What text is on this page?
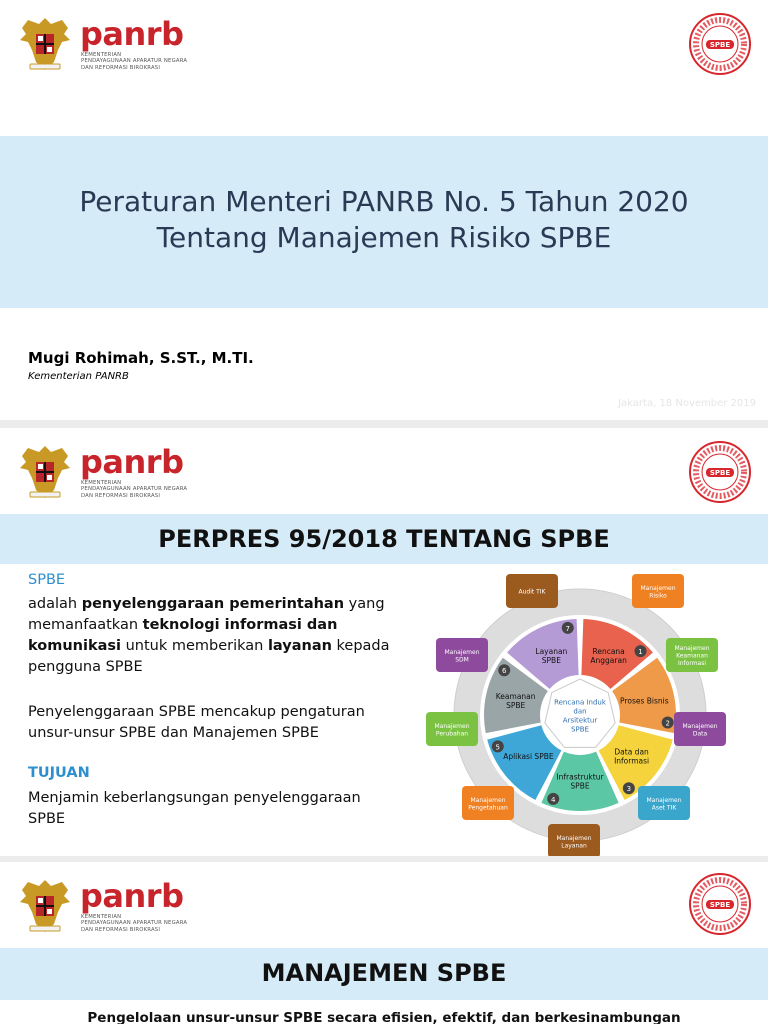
panrb
KEMENTERIAN
PENDAYAGUNAAN APARATUR NEGARA
DAN REFORMASI BIROKRASI
SPBE
Peraturan Menteri PANRB No. 5 Tahun 2020
Tentang Manajemen Risiko SPBE
Mugi Rohimah, S.ST., M.TI.
Kementerian PANRB
Jakarta, 18 November 2019
panrb
KEMENTERIAN
PENDAYAGUNAAN APARATUR NEGARA
DAN REFORMASI BIROKRASI
SPBE
PERPRES 95/2018 TENTANG SPBE
SPBE
adalah penyelenggaraan pemerintahan yang memanfaatkan teknologi informasi dan komunikasi untuk memberikan layanan kepada pengguna SPBE
Penyelenggaraan SPBE mencakup pengaturan unsur-unsur SPBE dan Manajemen SPBE
TUJUAN
Menjamin keberlangsungan penyelenggaraan SPBE
Rencana
Anggaran
1
Proses Bisnis
2
Data dan
Informasi
3
Infrastruktur
SPBE
4
Aplikasi SPBE
5
Keamanan
SPBE
6
Layanan
SPBE
7
Rencana Induk
dan
Arsitektur
SPBE
Audit TIK
Manajemen
Risiko
Manajemen
Keamanan
Informasi
Manajemen
Data
Manajemen
Aset TIK
Manajemen
Layanan
Manajemen
Pengetahuan
Manajemen
Perubahan
Manajemen
SDM
panrb
KEMENTERIAN
PENDAYAGUNAAN APARATUR NEGARA
DAN REFORMASI BIROKRASI
SPBE
MANAJEMEN SPBE
Pengelolaan unsur-unsur SPBE secara efisien, efektif, dan berkesinambungan
